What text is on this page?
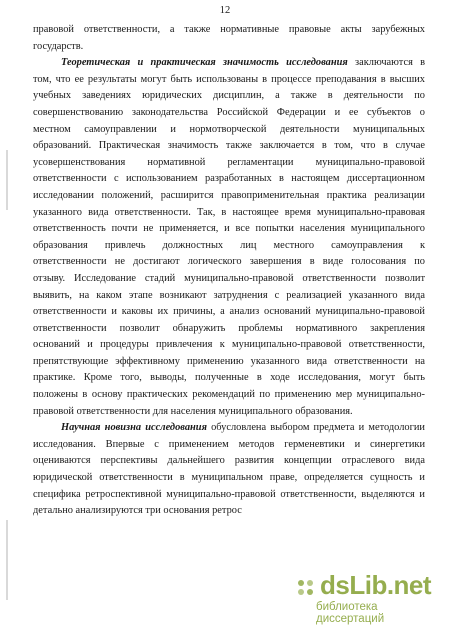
12
правовой ответственности, а также нормативные правовые акты зарубежных
государств.
Теоретическая и практическая значимость исследования заключаются в
том, что ее результаты могут быть использованы в процессе преподавания в высших
учебных заведениях юридических дисциплин, а также в деятельности по
совершенствованию законодательства Российской Федерации и ее субъектов о
местном самоуправлении и нормотворческой деятельности муниципальных
образований. Практическая значимость также заключается в том, что в случае
усовершенствования нормативной регламентации муниципально-правовой
ответственности с использованием разработанных в настоящем диссертационном
исследовании положений, расширится правоприменительная практика реализации
указанного вида ответственности. Так, в настоящее время муниципально-правовая
ответственность почти не применяется, и все попытки населения муниципального
образования привлечь должностных лиц местного самоуправления к
ответственности не достигают логического завершения в виде голосования по
отзыву. Исследование стадий муниципально-правовой ответственности позволит
выявить, на каком этапе возникают затруднения с реализацией указанного вида
ответственности и каковы их причины, а анализ оснований муниципально-правовой
ответственности позволит обнаружить проблемы нормативного закрепления
оснований и процедуры привлечения к муниципально-правовой ответственности,
препятствующие эффективному применению указанного вида ответственности на
практике. Кроме того, выводы, полученные в ходе исследования, могут быть
положены в основу практических рекомендаций по применению мер муниципально-
правовой ответственности для населения муниципального образования.
Научная новизна исследования обусловлена выбором предмета и методологии
исследования. Впервые с применением методов герменевтики и синергетики
оцениваются перспективы дальнейшего развития концепции отраслевого вида
юридической ответственности в муниципальном праве, определяется сущность и
специфика ретроспективной муниципально-правовой ответственности, выделяются и
детально анализируются три основания ретрос
dsLib.net
библиотека диссертаций
